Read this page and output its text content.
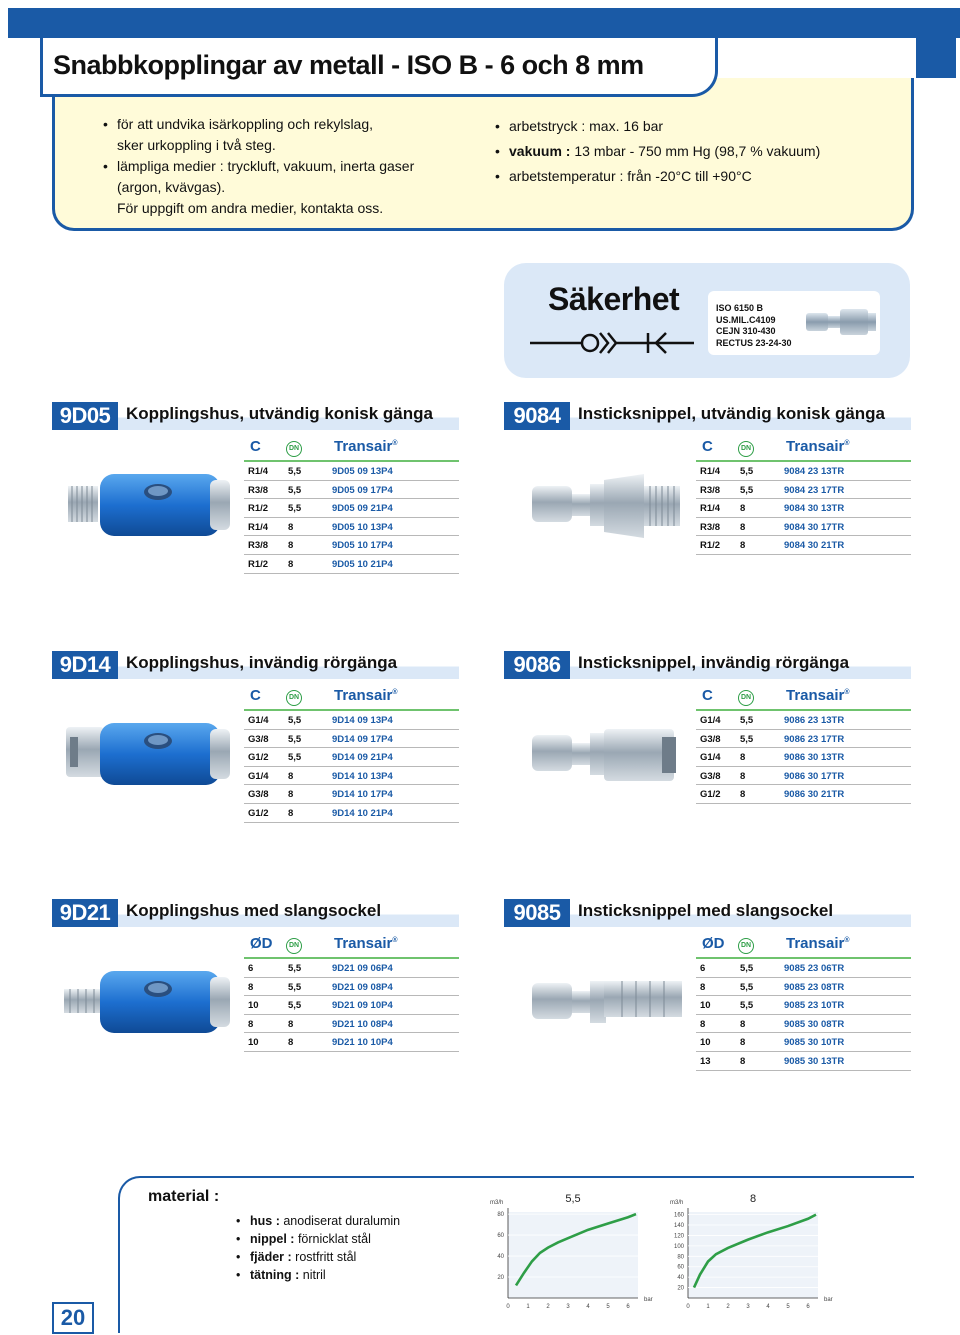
• för att undvika isärkoppling och rekylslag,
sker urkoppling i två steg.
• lämpliga medier : tryckluft, vakuum, inerta gaser
(argon, kvävgas).
För uppgift om andra medier, kontakta oss.
• arbetstryck : max. 16 bar
• vakuum : 13 mbar - 750 mm Hg (98,7 % vakuum)
• arbetstemperatur : från -20°C till +90°C
Snabbkopplingar av metall - ISO B - 6 och 8 mm
Säkerhet	ISO 6150 B
US.MIL.C4109
CEJN 310-430
RECTUS 23-24-30
9D05 Kopplingshus, utvändig konisk gänga
C	DN Transair®
R1/4 5,5	9D05 09 13P4
R3/8 5,5	9D05 09 17P4
R1/2 5,5	9D05 09 21P4
R1/4 8	9D05 10 13P4
R3/8 8	9D05 10 17P4
R1/2 8	9D05 10 21P4
9084	Insticksnippel, utvändig konisk gänga
C	DN Transair®
R1/4 5,5	9084 23 13TR
R3/8 5,5	9084 23 17TR
R1/4 8	9084 30 13TR
R3/8 8	9084 30 17TR
R1/2 8	9084 30 21TR
9D14 Kopplingshus, invändig rörgänga
C	DN Transair®
G1/4 5,5	9D14 09 13P4
G3/8 5,5	9D14 09 17P4
G1/2 5,5	9D14 09 21P4
G1/4 8	9D14 10 13P4
G3/8 8	9D14 10 17P4
G1/2 8	9D14 10 21P4
9086	Insticksnippel, invändig rörgänga
C	DN Transair®
G1/4 5,5	9086 23 13TR
G3/8 5,5	9086 23 17TR
G1/4 8	9086 30 13TR
G3/8 8	9086 30 17TR
G1/2 8	9086 30 21TR
9D21 Kopplingshus med slangsockel
ØD	DN Transair®
6	5,5	9D21 09 06P4
8	5,5	9D21 09 08P4
10	5,5	9D21 09 10P4
8	8	9D21 10 08P4
10	8	9D21 10 10P4
9085	Insticksnippel med slangsockel
ØD	DN Transair®
6	5,5	9085 23 06TR
8	5,5	9085 23 08TR
10	5,5	9085 23 10TR
8	8	9085 30 08TR
10	8	9085 30 10TR
13	8	9085 30 13TR
material :
• hus : anodiserat duralumin
• nippel : förnicklat stål
• fjäder : rostfritt stål
• tätning : nitril
5,5
m3/h
bar
0	1	2	3	4	5	6
20
40
60
80
8
m3/h
bar
0	1	2	3	4	5	6
20
40
60
80
100
120
140
160
20
